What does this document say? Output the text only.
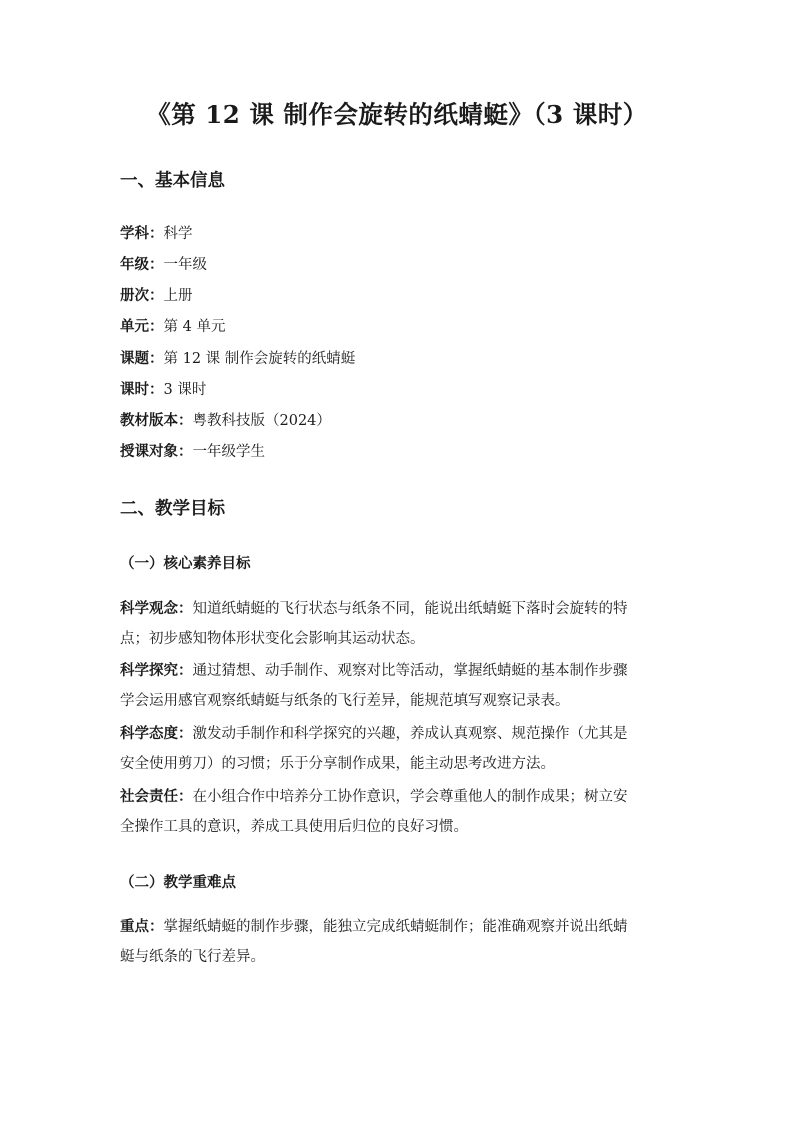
《第 12 课 制作会旋转的纸蜻蜓》（3 课时）
一、基本信息
学科：科学
年级：一年级
册次：上册
单元：第 4 单元
课题：第 12 课 制作会旋转的纸蜻蜓
课时：3 课时
教材版本：粤教科技版（2024）
授课对象：一年级学生
二、教学目标
（一）核心素养目标
科学观念：知道纸蜻蜓的飞行状态与纸条不同，能说出纸蜻蜓下落时会旋转的特
点；初步感知物体形状变化会影响其运动状态。
科学探究：通过猜想、动手制作、观察对比等活动，掌握纸蜻蜓的基本制作步骤
学会运用感官观察纸蜻蜓与纸条的飞行差异，能规范填写观察记录表。
科学态度：激发动手制作和科学探究的兴趣，养成认真观察、规范操作（尤其是
安全使用剪刀）的习惯；乐于分享制作成果，能主动思考改进方法。
社会责任：在小组合作中培养分工协作意识，学会尊重他人的制作成果；树立安
全操作工具的意识，养成工具使用后归位的良好习惯。
（二）教学重难点
重点：掌握纸蜻蜓的制作步骤，能独立完成纸蜻蜓制作；能准确观察并说出纸蜻
蜓与纸条的飞行差异。
